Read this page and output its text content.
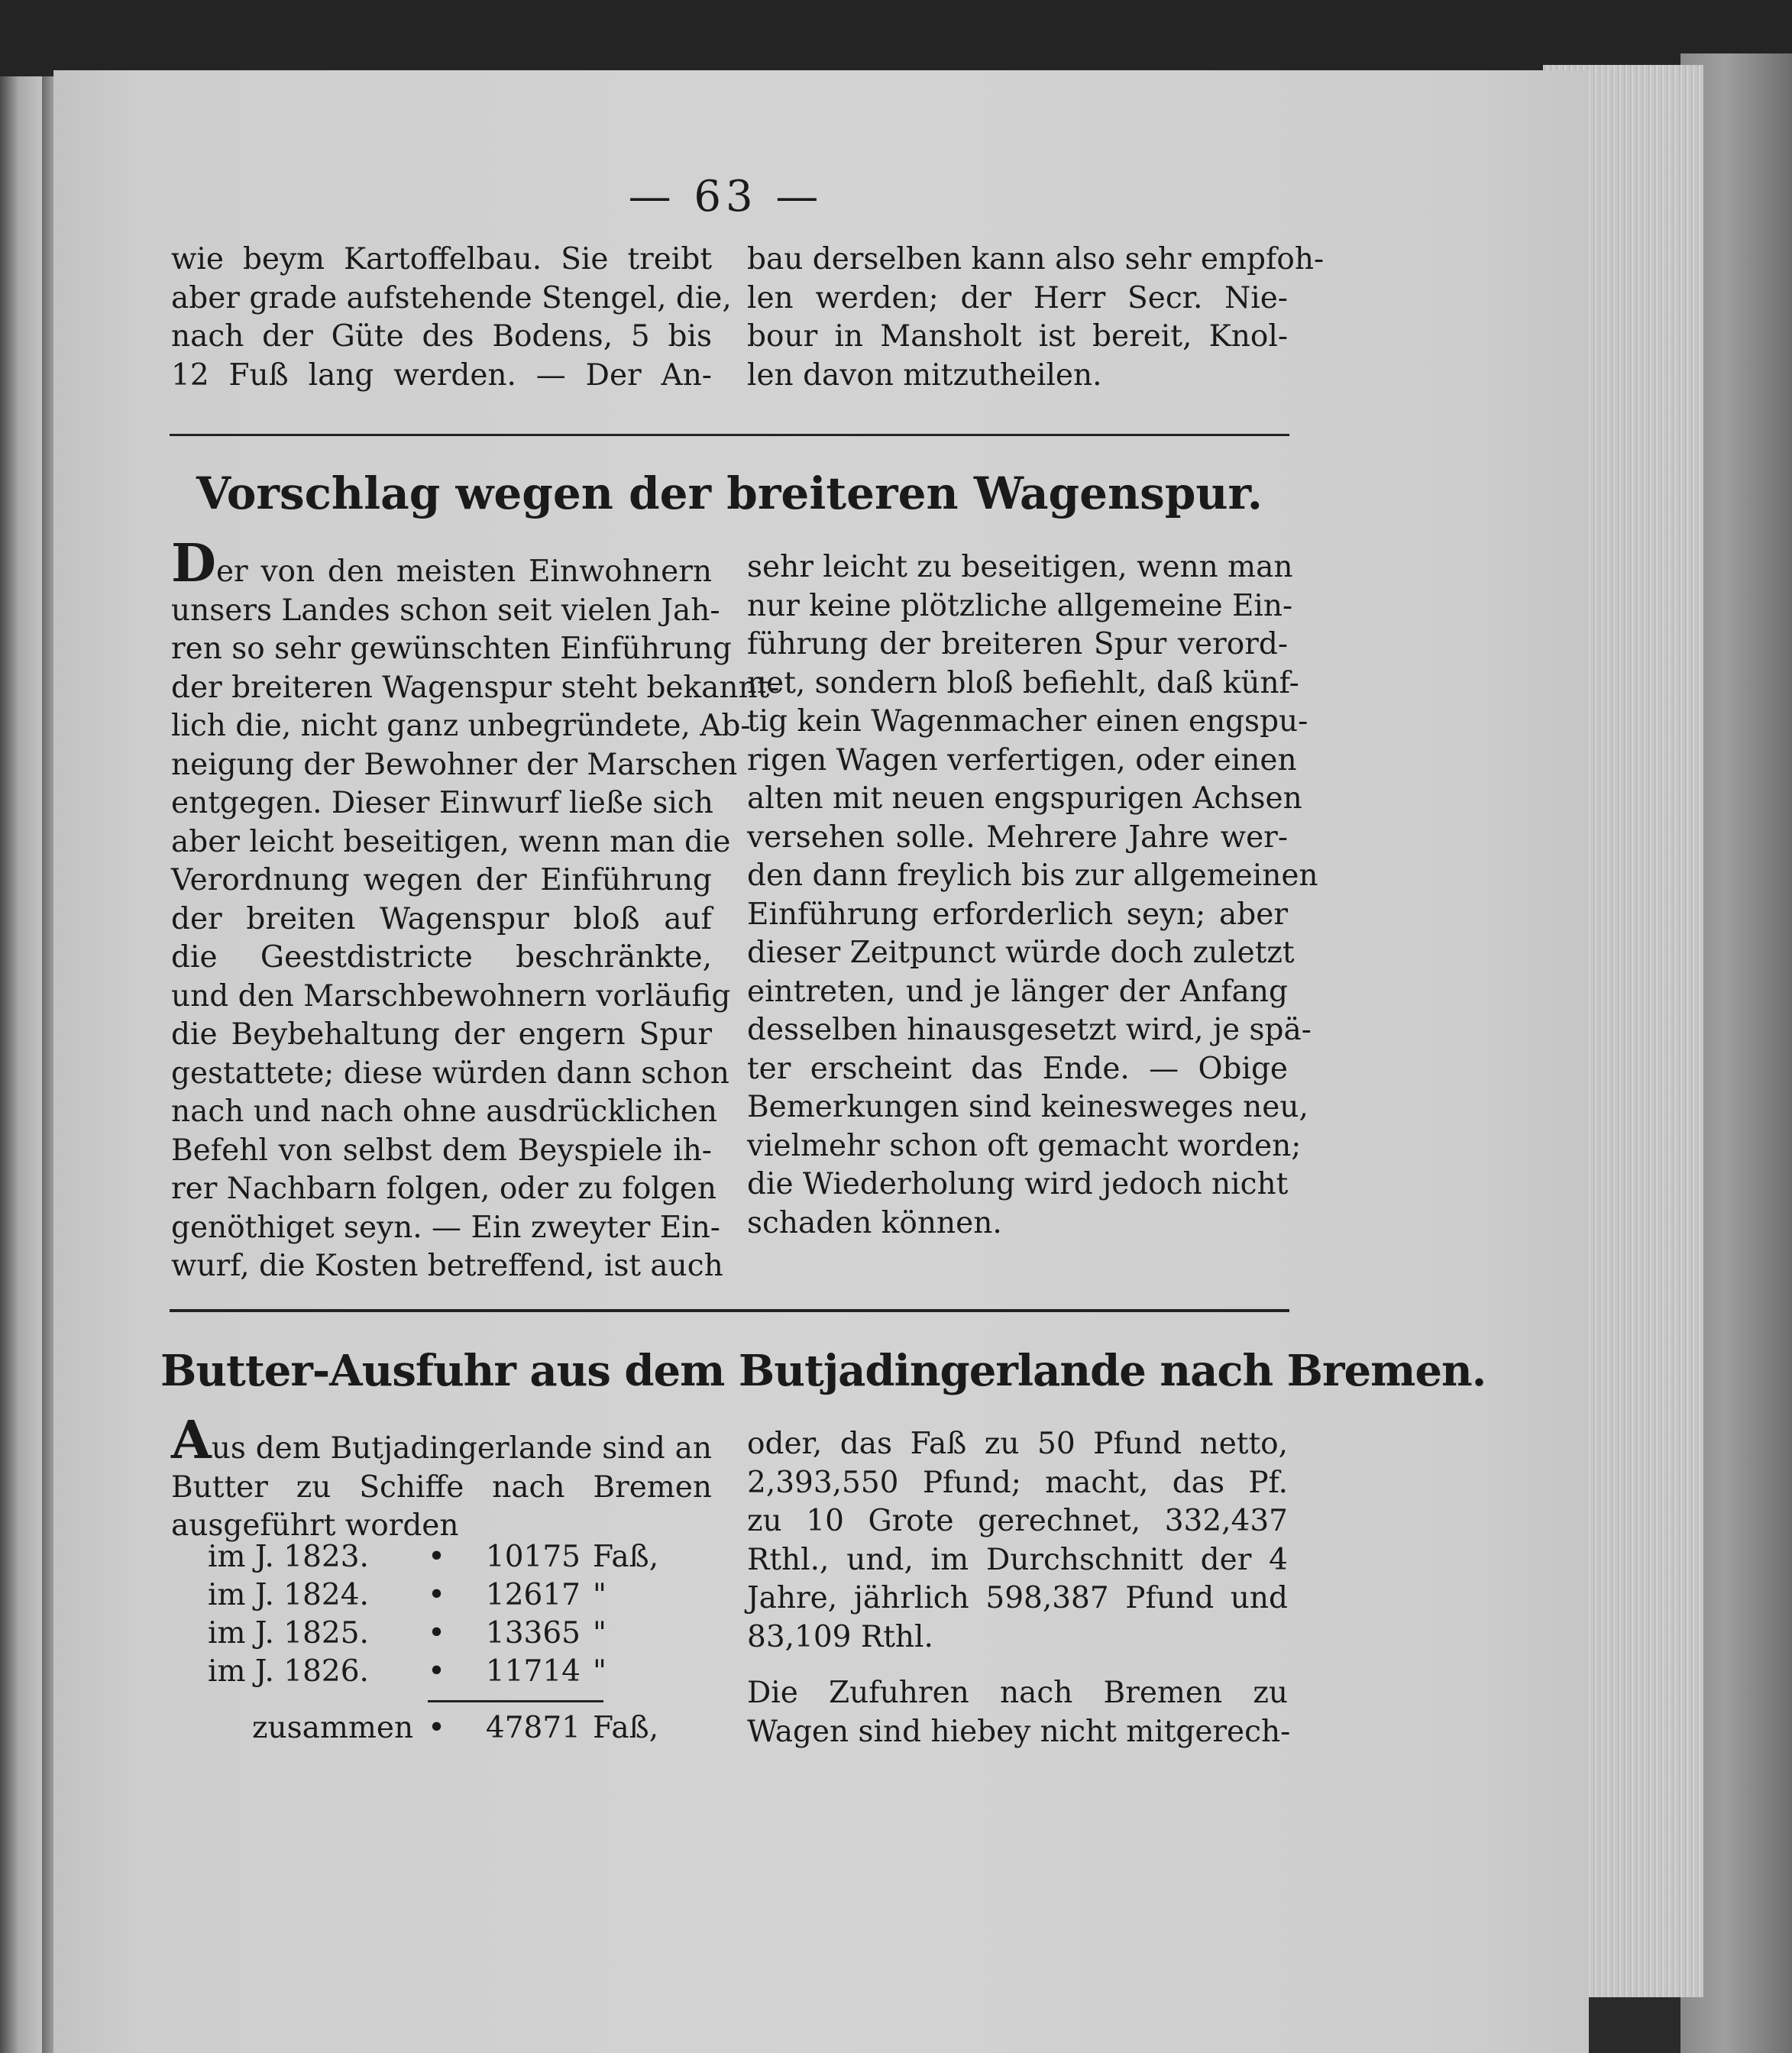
— 63 —
wie beym Kartoffelbau. Sie treibt
aber grade aufstehende Stengel, die,
nach der Güte des Bodens, 5 bis
12 Fuß lang werden. — Der An-
bau derselben kann also sehr empfoh-
len werden; der Herr Secr. Nie-
bour in Mansholt ist bereit, Knol-
len davon mitzutheilen.
Vorschlag wegen der breiteren Wagenspur.
Der von den meisten Einwohnern
unsers Landes schon seit vielen Jah-
ren so sehr gewünschten Einführung
der breiteren Wagenspur steht bekannt-
lich die, nicht ganz unbegründete, Ab-
neigung der Bewohner der Marschen
entgegen. Dieser Einwurf ließe sich
aber leicht beseitigen, wenn man die
Verordnung wegen der Einführung
der breiten Wagenspur bloß auf
die Geestdistricte beschränkte,
und den Marschbewohnern vorläufig
die Beybehaltung der engern Spur
gestattete; diese würden dann schon
nach und nach ohne ausdrücklichen
Befehl von selbst dem Beyspiele ih-
rer Nachbarn folgen, oder zu folgen
genöthiget seyn. — Ein zweyter Ein-
wurf, die Kosten betreffend, ist auch
sehr leicht zu beseitigen, wenn man
nur keine plötzliche allgemeine Ein-
führung der breiteren Spur verord-
net, sondern bloß befiehlt, daß künf-
tig kein Wagenmacher einen engspu-
rigen Wagen verfertigen, oder einen
alten mit neuen engspurigen Achsen
versehen solle. Mehrere Jahre wer-
den dann freylich bis zur allgemeinen
Einführung erforderlich seyn; aber
dieser Zeitpunct würde doch zuletzt
eintreten, und je länger der Anfang
desselben hinausgesetzt wird, je spä-
ter erscheint das Ende. — Obige
Bemerkungen sind keinesweges neu,
vielmehr schon oft gemacht worden;
die Wiederholung wird jedoch nicht
schaden können.
Butter-Ausfuhr aus dem Butjadingerlande nach Bremen.
Aus dem Butjadingerlande sind an
Butter zu Schiffe nach Bremen
ausgeführt worden
im J. 1823. •	10175 Faß,
im J. 1824. •	12617 "
im J. 1825. •	13365 "
im J. 1826. •	11714 "
zusammen •	47871 Faß,
oder, das Faß zu 50 Pfund netto,
2,393,550 Pfund; macht, das Pf.
zu 10 Grote gerechnet, 332,437
Rthl., und, im Durchschnitt der 4
Jahre, jährlich 598,387 Pfund und
83,109 Rthl.
Die Zufuhren nach Bremen zu
Wagen sind hiebey nicht mitgerech-
